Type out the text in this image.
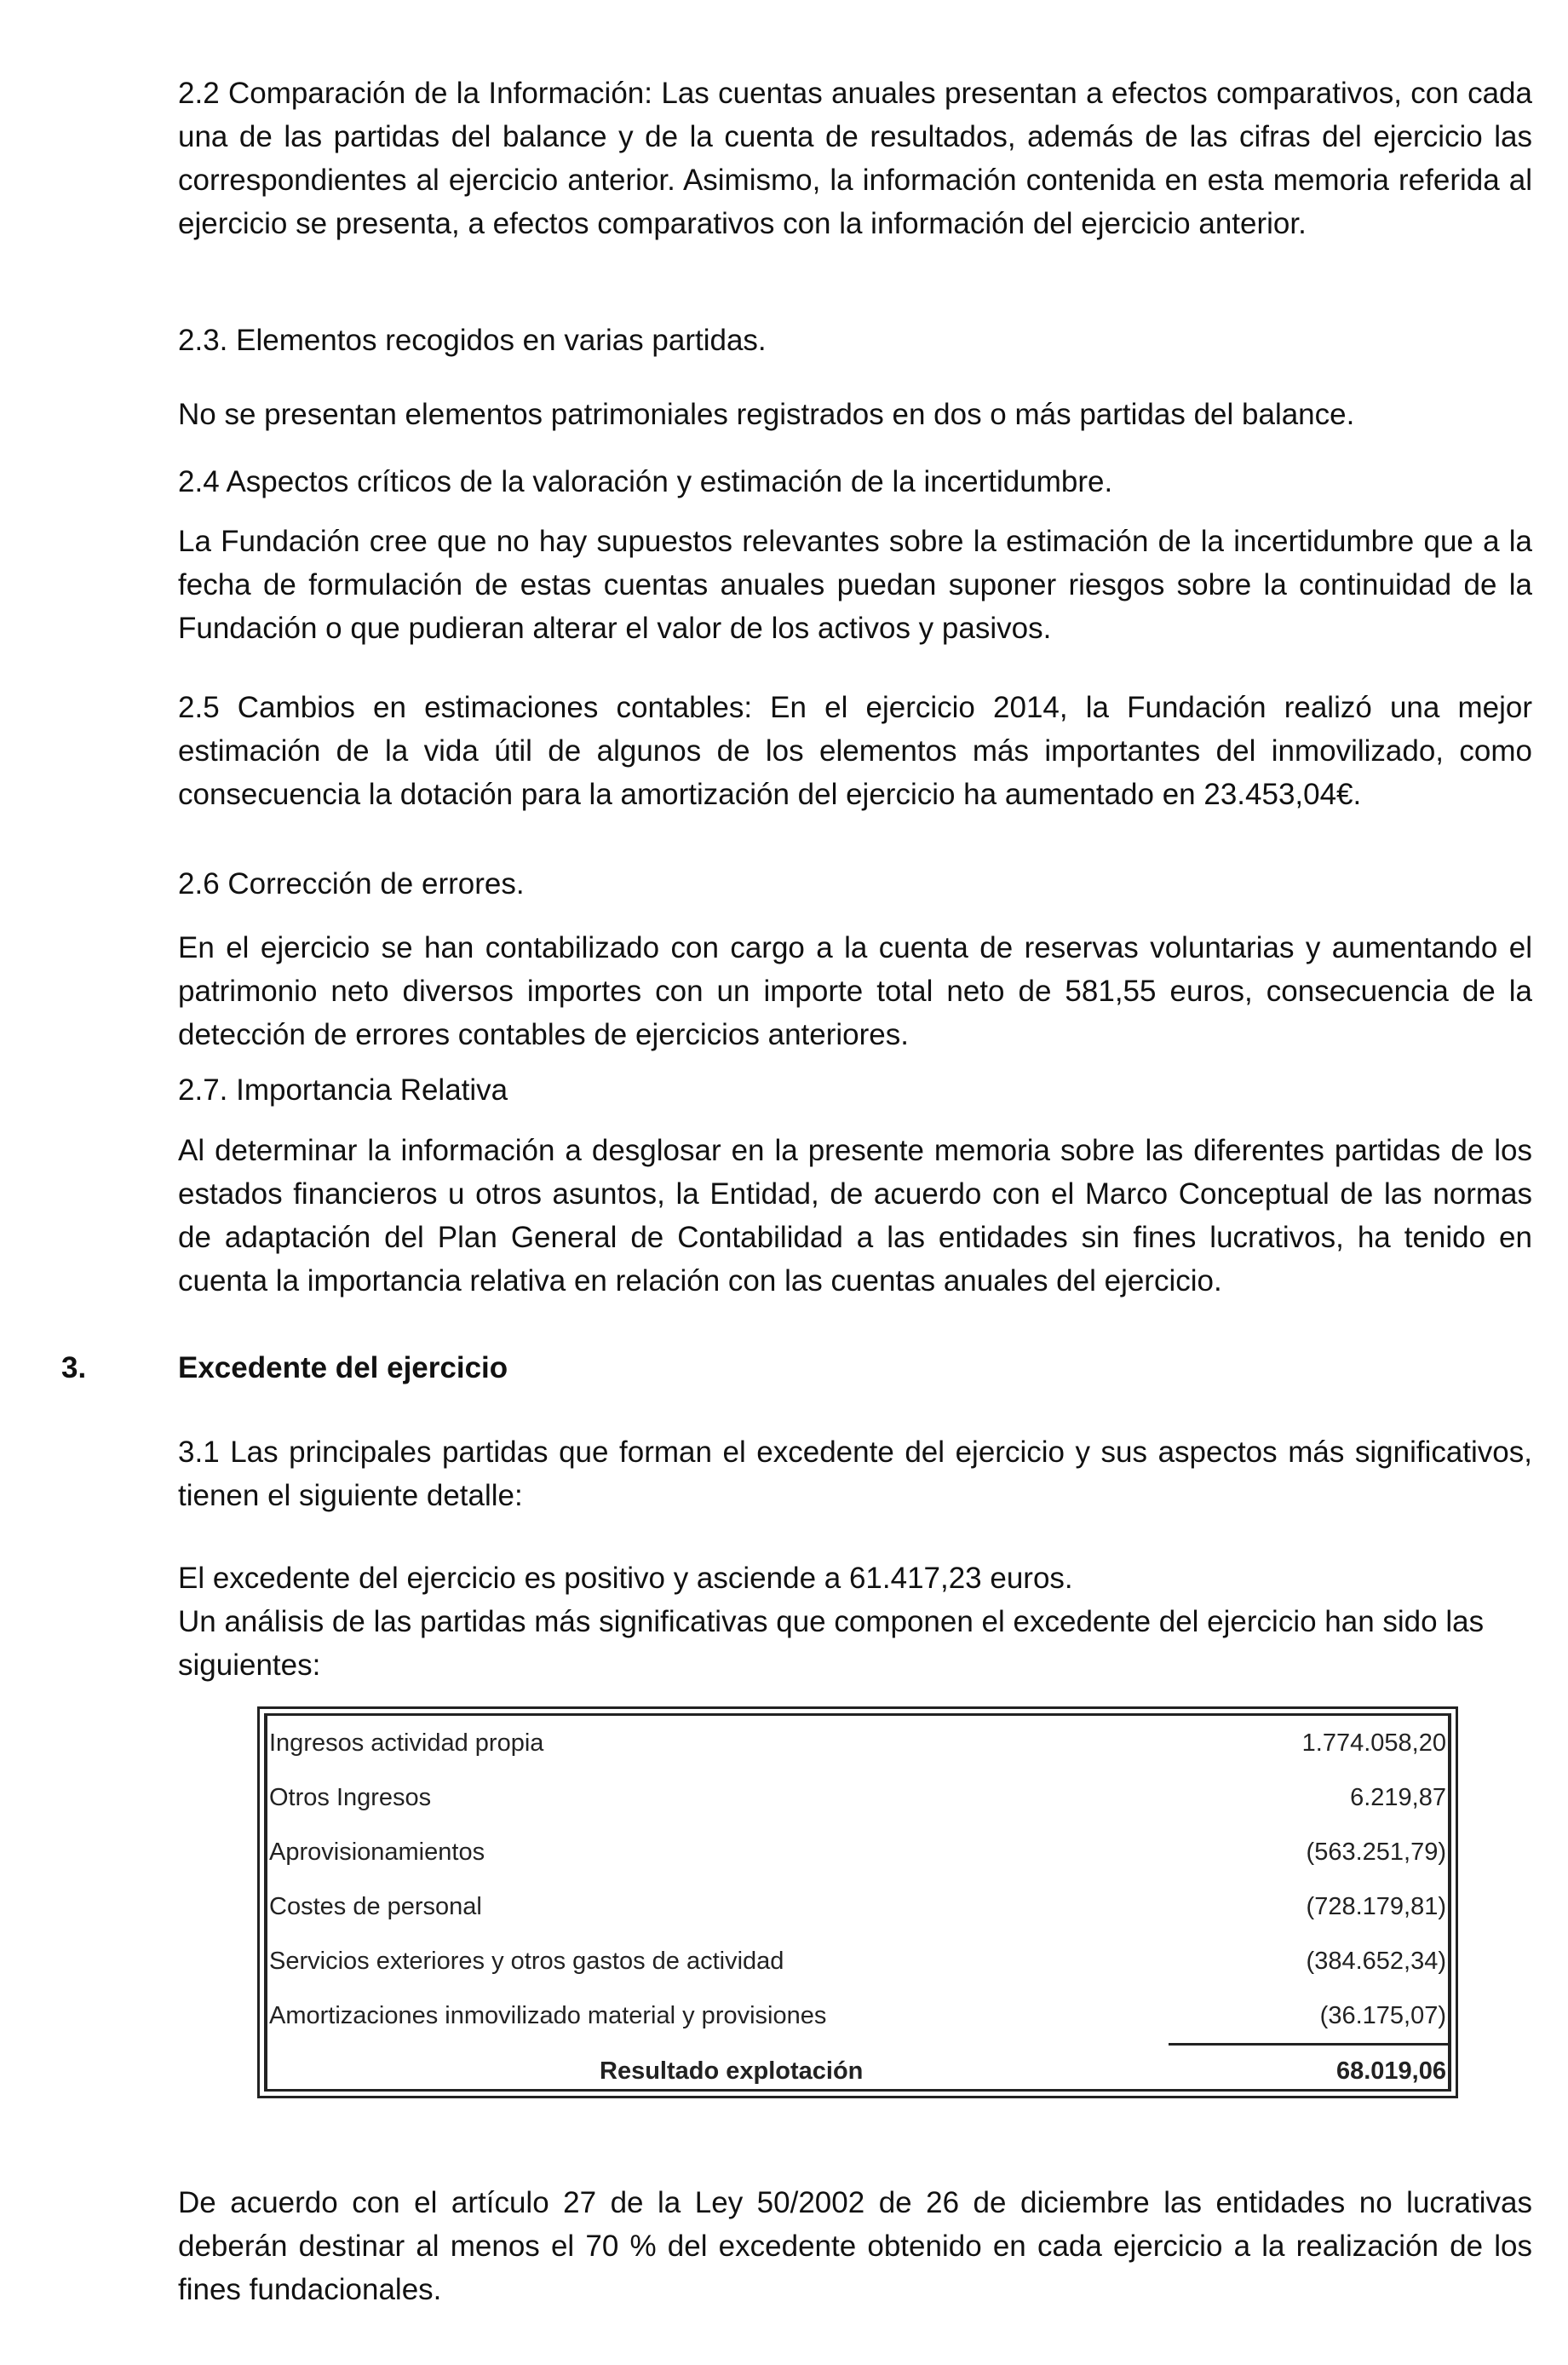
2.2 Comparación de la Información: Las cuentas anuales presentan a efectos comparativos, con cada una de las partidas del balance y de la cuenta de resultados, además de las cifras del ejercicio las correspondientes al ejercicio anterior. Asimismo, la información contenida en esta memoria referida al ejercicio se presenta, a efectos comparativos con la información del ejercicio anterior.

2.3. Elementos recogidos en varias partidas.

No se presentan elementos patrimoniales registrados en dos o más partidas del balance.

2.4 Aspectos críticos de la valoración y estimación de la incertidumbre.

La Fundación cree que no hay supuestos relevantes sobre la estimación de la incertidumbre que a la fecha de formulación de estas cuentas anuales puedan suponer riesgos sobre la continuidad de la Fundación o que pudieran alterar el valor de los activos y pasivos.

2.5 Cambios en estimaciones contables: En el ejercicio 2014, la Fundación realizó una mejor estimación de la vida útil de algunos de los elementos más importantes del inmovilizado, como consecuencia la dotación para la amortización del ejercicio ha aumentado en 23.453,04€.

2.6 Corrección de errores.

En el ejercicio se han contabilizado con cargo a la cuenta de reservas voluntarias y aumentando el patrimonio neto diversos importes con un importe total neto de 581,55 euros, consecuencia de la detección de errores contables de ejercicios anteriores.

2.7. Importancia Relativa

Al determinar la información a desglosar en la presente memoria sobre las diferentes partidas de los estados financieros u otros asuntos, la Entidad, de acuerdo con el Marco Conceptual de las normas de adaptación del Plan General de Contabilidad a las entidades sin fines lucrativos, ha tenido en cuenta la importancia relativa en relación con las cuentas anuales del ejercicio.

3.	Excedente del ejercicio

3.1 Las principales partidas que forman el excedente del ejercicio y sus aspectos más significativos, tienen el siguiente detalle:

El excedente del ejercicio es positivo y asciende a 61.417,23 euros.

Un análisis de las partidas más significativas que componen el excedente del ejercicio han sido las siguientes:

Ingresos actividad propia	1.774.058,20
Otros Ingresos	6.219,87
Aprovisionamientos	(563.251,79)
Costes de personal	(728.179,81)
Servicios exteriores y otros gastos de actividad	(384.652,34)
Amortizaciones inmovilizado material y provisiones	(36.175,07)
Resultado explotación	68.019,06

De acuerdo con el artículo 27 de la Ley 50/2002 de 26 de diciembre las entidades no lucrativas deberán destinar al menos el 70 % del excedente obtenido en cada ejercicio a la realización de los fines fundacionales.
